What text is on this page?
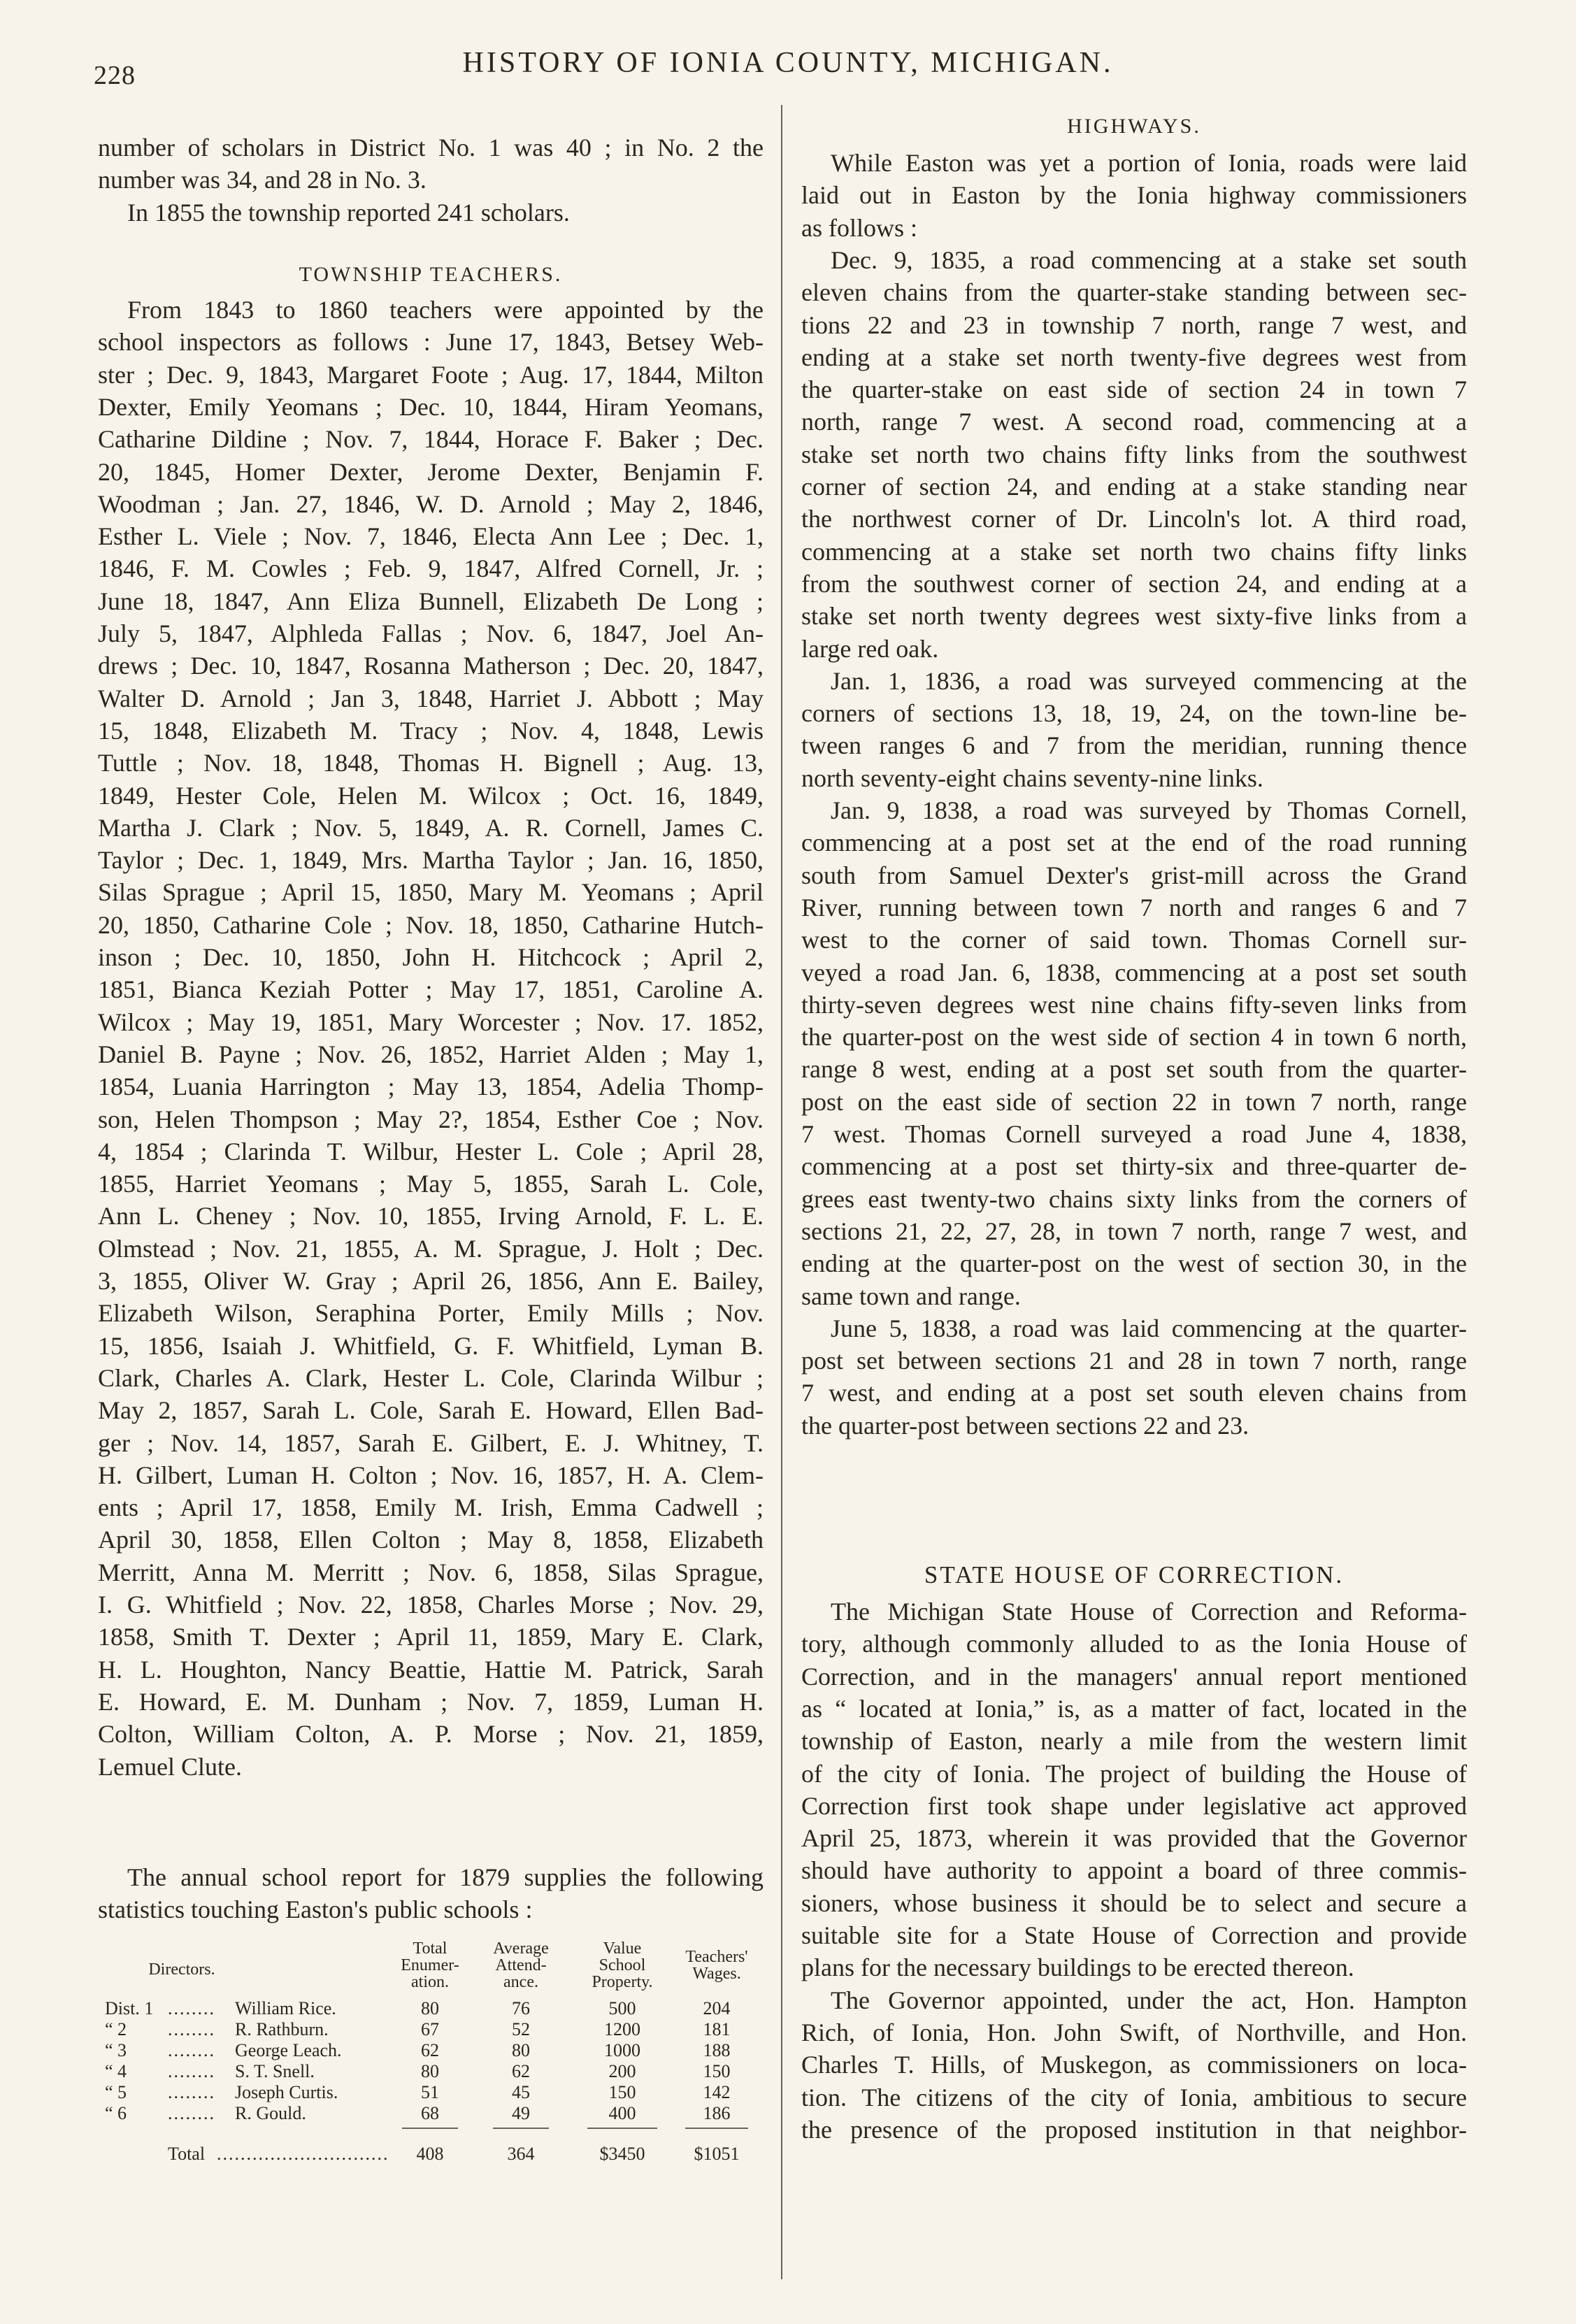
228	HISTORY OF IONIA COUNTY, MICHIGAN.
number of scholars in District No. 1 was 40 ; in No. 2 the
number was 34, and 28 in No. 3.
In 1855 the township reported 241 scholars.
TOWNSHIP TEACHERS.
From 1843 to 1860 teachers were appointed by the
school inspectors as follows : June 17, 1843, Betsey Web-
ster ; Dec. 9, 1843, Margaret Foote ; Aug. 17, 1844, Milton
Dexter, Emily Yeomans ; Dec. 10, 1844, Hiram Yeomans,
Catharine Dildine ; Nov. 7, 1844, Horace F. Baker ; Dec.
20, 1845, Homer Dexter, Jerome Dexter, Benjamin F.
Woodman ; Jan. 27, 1846, W. D. Arnold ; May 2, 1846,
Esther L. Viele ; Nov. 7, 1846, Electa Ann Lee ; Dec. 1,
1846, F. M. Cowles ; Feb. 9, 1847, Alfred Cornell, Jr. ;
June 18, 1847, Ann Eliza Bunnell, Elizabeth De Long ;
July 5, 1847, Alphleda Fallas ; Nov. 6, 1847, Joel An-
drews ; Dec. 10, 1847, Rosanna Matherson ; Dec. 20, 1847,
Walter D. Arnold ; Jan 3, 1848, Harriet J. Abbott ; May
15, 1848, Elizabeth M. Tracy ; Nov. 4, 1848, Lewis
Tuttle ; Nov. 18, 1848, Thomas H. Bignell ; Aug. 13,
1849, Hester Cole, Helen M. Wilcox ; Oct. 16, 1849,
Martha J. Clark ; Nov. 5, 1849, A. R. Cornell, James C.
Taylor ; Dec. 1, 1849, Mrs. Martha Taylor ; Jan. 16, 1850,
Silas Sprague ; April 15, 1850, Mary M. Yeomans ; April
20, 1850, Catharine Cole ; Nov. 18, 1850, Catharine Hutch-
inson ; Dec. 10, 1850, John H. Hitchcock ; April 2,
1851, Bianca Keziah Potter ; May 17, 1851, Caroline A.
Wilcox ; May 19, 1851, Mary Worcester ; Nov. 17. 1852,
Daniel B. Payne ; Nov. 26, 1852, Harriet Alden ; May 1,
1854, Luania Harrington ; May 13, 1854, Adelia Thomp-
son, Helen Thompson ; May 2?, 1854, Esther Coe ; Nov.
4, 1854 ; Clarinda T. Wilbur, Hester L. Cole ; April 28,
1855, Harriet Yeomans ; May 5, 1855, Sarah L. Cole,
Ann L. Cheney ; Nov. 10, 1855, Irving Arnold, F. L. E.
Olmstead ; Nov. 21, 1855, A. M. Sprague, J. Holt ; Dec.
3, 1855, Oliver W. Gray ; April 26, 1856, Ann E. Bailey,
Elizabeth Wilson, Seraphina Porter, Emily Mills ; Nov.
15, 1856, Isaiah J. Whitfield, G. F. Whitfield, Lyman B.
Clark, Charles A. Clark, Hester L. Cole, Clarinda Wilbur ;
May 2, 1857, Sarah L. Cole, Sarah E. Howard, Ellen Bad-
ger ; Nov. 14, 1857, Sarah E. Gilbert, E. J. Whitney, T.
H. Gilbert, Luman H. Colton ; Nov. 16, 1857, H. A. Clem-
ents ; April 17, 1858, Emily M. Irish, Emma Cadwell ;
April 30, 1858, Ellen Colton ; May 8, 1858, Elizabeth
Merritt, Anna M. Merritt ; Nov. 6, 1858, Silas Sprague,
I. G. Whitfield ; Nov. 22, 1858, Charles Morse ; Nov. 29,
1858, Smith T. Dexter ; April 11, 1859, Mary E. Clark,
H. L. Houghton, Nancy Beattie, Hattie M. Patrick, Sarah
E. Howard, E. M. Dunham ; Nov. 7, 1859, Luman H.
Colton, William Colton, A. P. Morse ; Nov. 21, 1859,
Lemuel Clute.
The annual school report for 1879 supplies the following
statistics touching Easton's public schools :
HIGHWAYS.
While Easton was yet a portion of Ionia, roads were laid
laid out in Easton by the Ionia highway commissioners
as follows :
Dec. 9, 1835, a road commencing at a stake set south
eleven chains from the quarter-stake standing between sec-
tions 22 and 23 in township 7 north, range 7 west, and
ending at a stake set north twenty-five degrees west from
the quarter-stake on east side of section 24 in town 7
north, range 7 west. A second road, commencing at a
stake set north two chains fifty links from the southwest
corner of section 24, and ending at a stake standing near
the northwest corner of Dr. Lincoln's lot. A third road,
commencing at a stake set north two chains fifty links
from the southwest corner of section 24, and ending at a
stake set north twenty degrees west sixty-five links from a
large red oak.
Jan. 1, 1836, a road was surveyed commencing at the
corners of sections 13, 18, 19, 24, on the town-line be-
tween ranges 6 and 7 from the meridian, running thence
north seventy-eight chains seventy-nine links.
Jan. 9, 1838, a road was surveyed by Thomas Cornell,
commencing at a post set at the end of the road running
south from Samuel Dexter's grist-mill across the Grand
River, running between town 7 north and ranges 6 and 7
west to the corner of said town. Thomas Cornell sur-
veyed a road Jan. 6, 1838, commencing at a post set south
thirty-seven degrees west nine chains fifty-seven links from
the quarter-post on the west side of section 4 in town 6 north,
range 8 west, ending at a post set south from the quarter-
post on the east side of section 22 in town 7 north, range
7 west. Thomas Cornell surveyed a road June 4, 1838,
commencing at a post set thirty-six and three-quarter de-
grees east twenty-two chains sixty links from the corners of
sections 21, 22, 27, 28, in town 7 north, range 7 west, and
ending at the quarter-post on the west of section 30, in the
same town and range.
June 5, 1838, a road was laid commencing at the quarter-
post set between sections 21 and 28 in town 7 north, range
7 west, and ending at a post set south eleven chains from
the quarter-post between sections 22 and 23.
STATE HOUSE OF CORRECTION.
The Michigan State House of Correction and Reforma-
tory, although commonly alluded to as the Ionia House of
Correction, and in the managers' annual report mentioned
as “ located at Ionia,” is, as a matter of fact, located in the
township of Easton, nearly a mile from the western limit
of the city of Ionia. The project of building the House of
Correction first took shape under legislative act approved
April 25, 1873, wherein it was provided that the Governor
should have authority to appoint a board of three commis-
sioners, whose business it should be to select and secure a
suitable site for a State House of Correction and provide
plans for the necessary buildings to be erected thereon.
The Governor appointed, under the act, Hon. Hampton
Rich, of Ionia, Hon. John Swift, of Northville, and Hon.
Charles T. Hills, of Muskegon, as commissioners on loca-
tion. The citizens of the city of Ionia, ambitious to secure
the presence of the proposed institution in that neighbor-
Directors.
Total
Enumer-
ation.
Average
Attend-
ance.
Value
School
Property.
Teachers'
Wages.
Dist. 1 ........ William Rice.	80	76	500	204
“ 2 ........ R. Rathburn.	67	52	1200	181
“ 3 ........ George Leach.	62	80	1000	188
“ 4 ........ S. T. Snell.	80	62	200	150
“ 5 ........ Joseph Curtis.	51	45	150	142
“ 6 ........ R. Gould.	68	49	400	186
Total .............................	408	364	$3450	$1051
